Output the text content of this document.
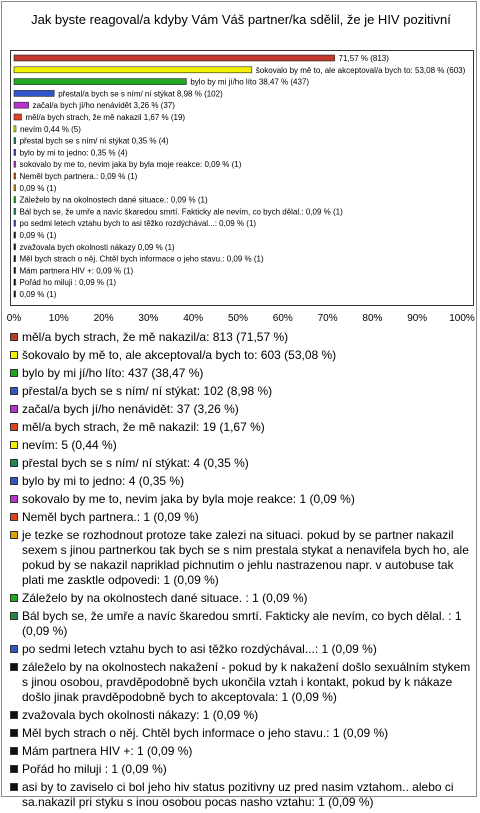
Jak byste reagoval/a kdyby Vám Váš partner/ka sdělil, že je HIV pozitivní
71,57 % (813)
šokovalo by mě to, ale akceptoval/a bych to: 53,08 % (603)
bylo by mi jí/ho líto 38,47 % (437)
přestal/a bych se s ním/ ní stýkat 8,98 % (102)
začal/a bych jí/ho nenávidět 3,26 % (37)
měl/a bych strach, že mě nakazil 1,67 % (19)
nevím 0,44 % (5)
přestal bych se s ním/ ní stýkat 0,35 % (4)
bylo by mi to jedno: 0,35 % (4)
sokovalo by me to, nevim jaka by byla moje reakce: 0,09 % (1)
Neměl bych partnera.: 0,09 % (1)
0,09 % (1)
Záleželo by na okolnostech dané situace.: 0,09 % (1)
Bál bych se, že umře a navíc škaredou smrtí. Fakticky ale nevím, co bych dělal.: 0,09 % (1)
po sedmi letech vztahu bych to asi těžko rozdýchával...: 0,09 % (1)
0,09 % (1)
zvažovala bych okolnosti nákazy 0,09 % (1)
Měl bych strach o něj. Chtěl bych informace o jeho stavu.: 0,09 % (1)
Mám partnera HIV +: 0,09 % (1)
Pořád ho miluji : 0,09 % (1)
0,09 % (1)
0%	10% 20% 30% 40% 50% 60% 70% 80% 90% 100%
měl/a bych strach, že mě nakazil/a: 813 (71,57 %)
šokovalo by mě to, ale akceptoval/a bych to: 603 (53,08 %)
bylo by mi jí/ho líto: 437 (38,47 %)
přestal/a bych se s ním/ ní stýkat: 102 (8,98 %)
začal/a bych jí/ho nenávidět: 37 (3,26 %)
měl/a bych strach, že mě nakazil: 19 (1,67 %)
nevím: 5 (0,44 %)
přestal bych se s ním/ ní stýkat: 4 (0,35 %)
bylo by mi to jedno: 4 (0,35 %)
sokovalo by me to, nevim jaka by byla moje reakce: 1 (0,09 %)
Neměl bych partnera.: 1 (0,09 %)
je tezke se rozhodnout protoze take zalezi na situaci. pokud by se partner nakazil sexem s jinou partnerkou tak bych se s nim prestala stykat a nenavifela bych ho, ale pokud by se nakazil napriklad pichnutim o jehlu nastrazenou napr. v autobuse tak plati me zasktle odpovedi: 1 (0,09 %)
Záleželo by na okolnostech dané situace. : 1 (0,09 %)
Bál bych se, že umře a navíc škaredou smrtí. Fakticky ale nevím, co bych dělal. : 1 (0,09 %)
po sedmi letech vztahu bych to asi těžko rozdýchával...: 1 (0,09 %)
záleželo by na okolnostech nakažení - pokud by k nakažení došlo sexuálním stykem s jinou osobou, pravděpodobně bych ukončila vztah i kontakt, pokud by k nákaze došlo jinak pravděpodobně bych to akceptovala: 1 (0,09 %)
zvažovala bych okolnosti nákazy: 1 (0,09 %)
Měl bych strach o něj. Chtěl bych informace o jeho stavu.: 1 (0,09 %)
Mám partnera HIV +: 1 (0,09 %)
Pořád ho miluji : 1 (0,09 %)
asi by to zaviselo ci bol jeho hiv status pozitivny uz pred nasim vztahom.. alebo ci sa.nakazil pri styku s inou osobou pocas nasho vztahu: 1 (0,09 %)
